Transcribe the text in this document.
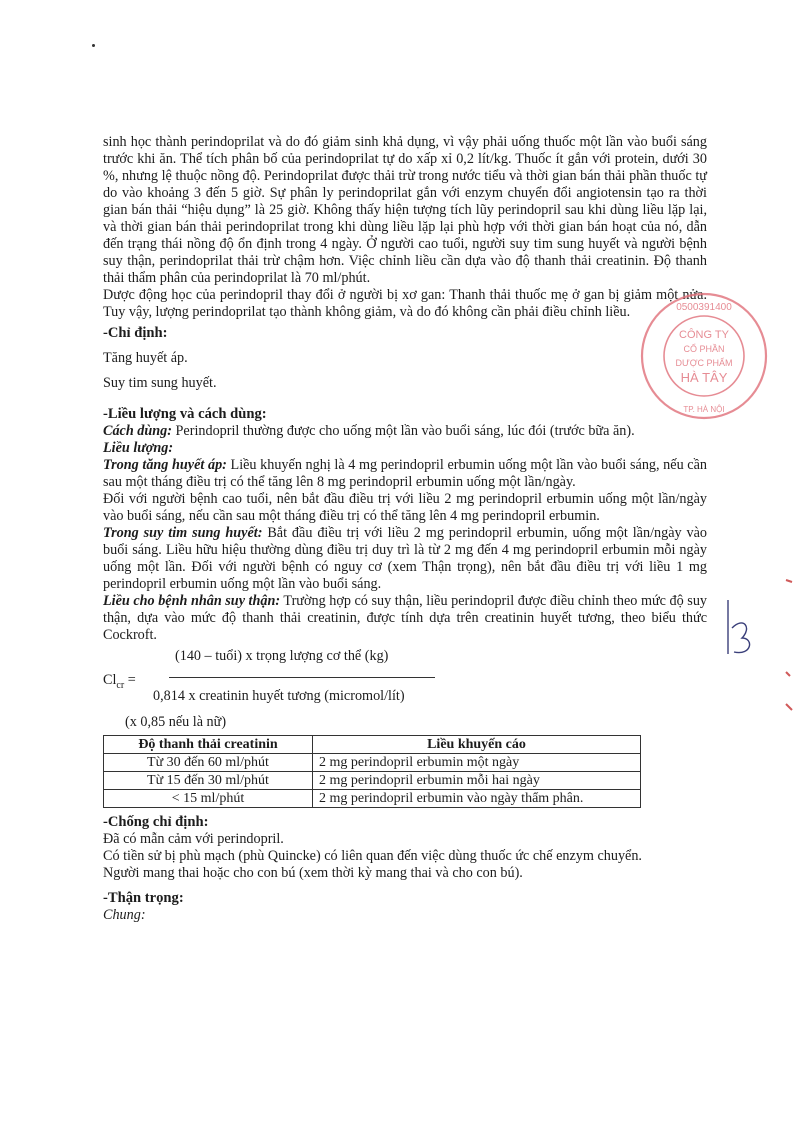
sinh học thành perindoprilat và do đó giảm sinh khả dụng, vì vậy phải uống thuốc một lần vào buổi sáng trước khi ăn. Thể tích phân bố của perindoprilat tự do xấp xỉ 0,2 lít/kg. Thuốc ít gắn với protein, dưới 30 %, nhưng lệ thuộc nồng độ. Perindoprilat được thải trừ trong nước tiểu và thời gian bán thải phần thuốc tự do vào khoảng 3 đến 5 giờ. Sự phân ly perindoprilat gắn với enzym chuyển đổi angiotensin tạo ra thời gian bán thải “hiệu dụng” là 25 giờ. Không thấy hiện tượng tích lũy perindopril sau khi dùng liều lặp lại, và thời gian bán thải perindoprilat trong khi dùng liều lặp lại phù hợp với thời gian bán hoạt của nó, dẫn đến trạng thái nồng độ ổn định trong 4 ngày. Ở người cao tuổi, người suy tim sung huyết và người bệnh suy thận, perindoprilat thải trừ chậm hơn. Việc chỉnh liều cần dựa vào độ thanh thải creatinin. Độ thanh thải thẩm phân của perindoprilat là 70 ml/phút.

Dược động học của perindopril thay đổi ở người bị xơ gan: Thanh thải thuốc mẹ ở gan bị giảm một nửa. Tuy vậy, lượng perindoprilat tạo thành không giảm, và do đó không cần phải điều chỉnh liều.

-Chỉ định:

Tăng huyết áp.

Suy tim sung huyết.

-Liều lượng và cách dùng:

Cách dùng: Perindopril thường được cho uống một lần vào buổi sáng, lúc đói (trước bữa ăn).

Liều lượng:

Trong tăng huyết áp: Liều khuyến nghị là 4 mg perindopril erbumin uống một lần vào buổi sáng, nếu cần sau một tháng điều trị có thể tăng lên 8 mg perindopril erbumin uống một lần/ngày.

Đối với người bệnh cao tuổi, nên bắt đầu điều trị với liều 2 mg perindopril erbumin uống một lần/ngày vào buổi sáng, nếu cần sau một tháng điều trị có thể tăng lên 4 mg perindopril erbumin.

Trong suy tim sung huyết: Bắt đầu điều trị với liều 2 mg perindopril erbumin, uống một lần/ngày vào buổi sáng. Liều hữu hiệu thường dùng điều trị duy trì là từ 2 mg đến 4 mg perindopril erbumin mỗi ngày uống một lần. Đối với người bệnh có nguy cơ (xem Thận trọng), nên bắt đầu điều trị với liều 1 mg perindopril erbumin uống một lần vào buổi sáng.

Liều cho bệnh nhân suy thận: Trường hợp có suy thận, liều perindopril được điều chỉnh theo mức độ suy thận, dựa vào mức độ thanh thải creatinin, được tính dựa trên creatinin huyết tương, theo biểu thức Cockroft.

$Cl_{cr}$ =
(140 – tuổi) x trọng lượng cơ thể (kg)
0,814 x creatinin huyết tương (micromol/lít)

(x 0,85 nếu là nữ)

Độ thanh thải creatinin	Liều khuyến cáo
Từ 30 đến 60 ml/phút	2 mg perindopril erbumin một ngày
Từ 15 đến 30 ml/phút	2 mg perindopril erbumin mỗi hai ngày
< 15 ml/phút	2 mg perindopril erbumin vào ngày thẩm phân.

-Chống chỉ định:

Đã có mẫn cảm với perindopril.

Có tiền sử bị phù mạch (phù Quincke) có liên quan đến việc dùng thuốc ức chế enzym chuyển.

Người mang thai hoặc cho con bú (xem thời kỳ mang thai và cho con bú).

-Thận trọng:

Chung:

0500391400
CÔNG TY
CỔ PHẦN
DƯỢC PHẨM
HÀ TÂY
TP. HÀ NỘI
